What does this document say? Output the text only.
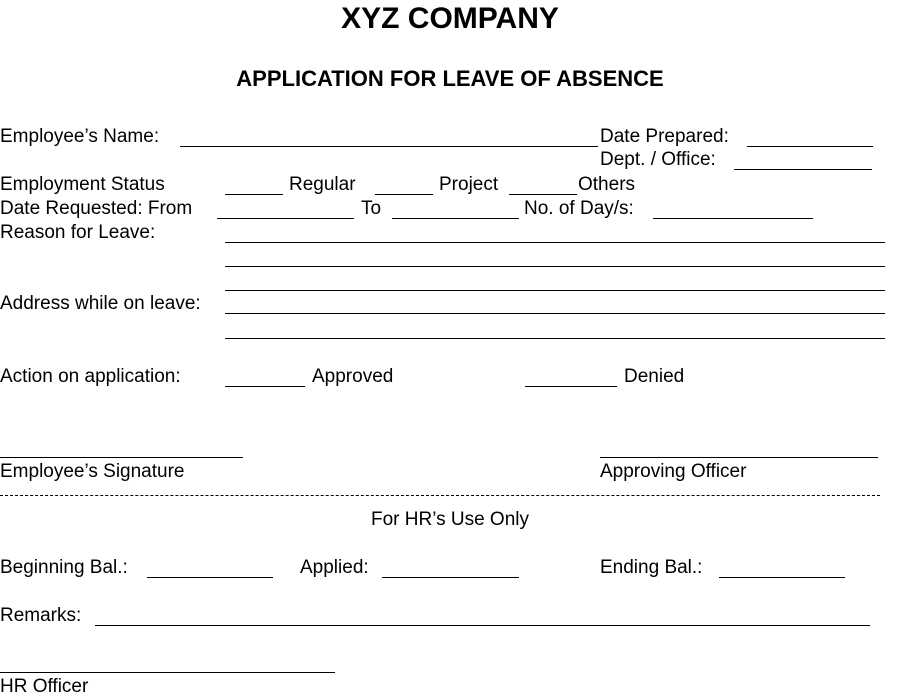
XYZ COMPANY
APPLICATION FOR LEAVE OF ABSENCE
Employee’s Name:	Date Prepared:
Dept. / Office:
Employment Status	Regular	Project	Others
Date Requested: From	To	No. of Day/s:
Reason for Leave:
Address while on leave:
Action on application:	Approved	Denied
Employee’s Signature	Approving Officer
For HR’s Use Only
Beginning Bal.:	Applied:	Ending Bal.:
Remarks:
HR Officer
